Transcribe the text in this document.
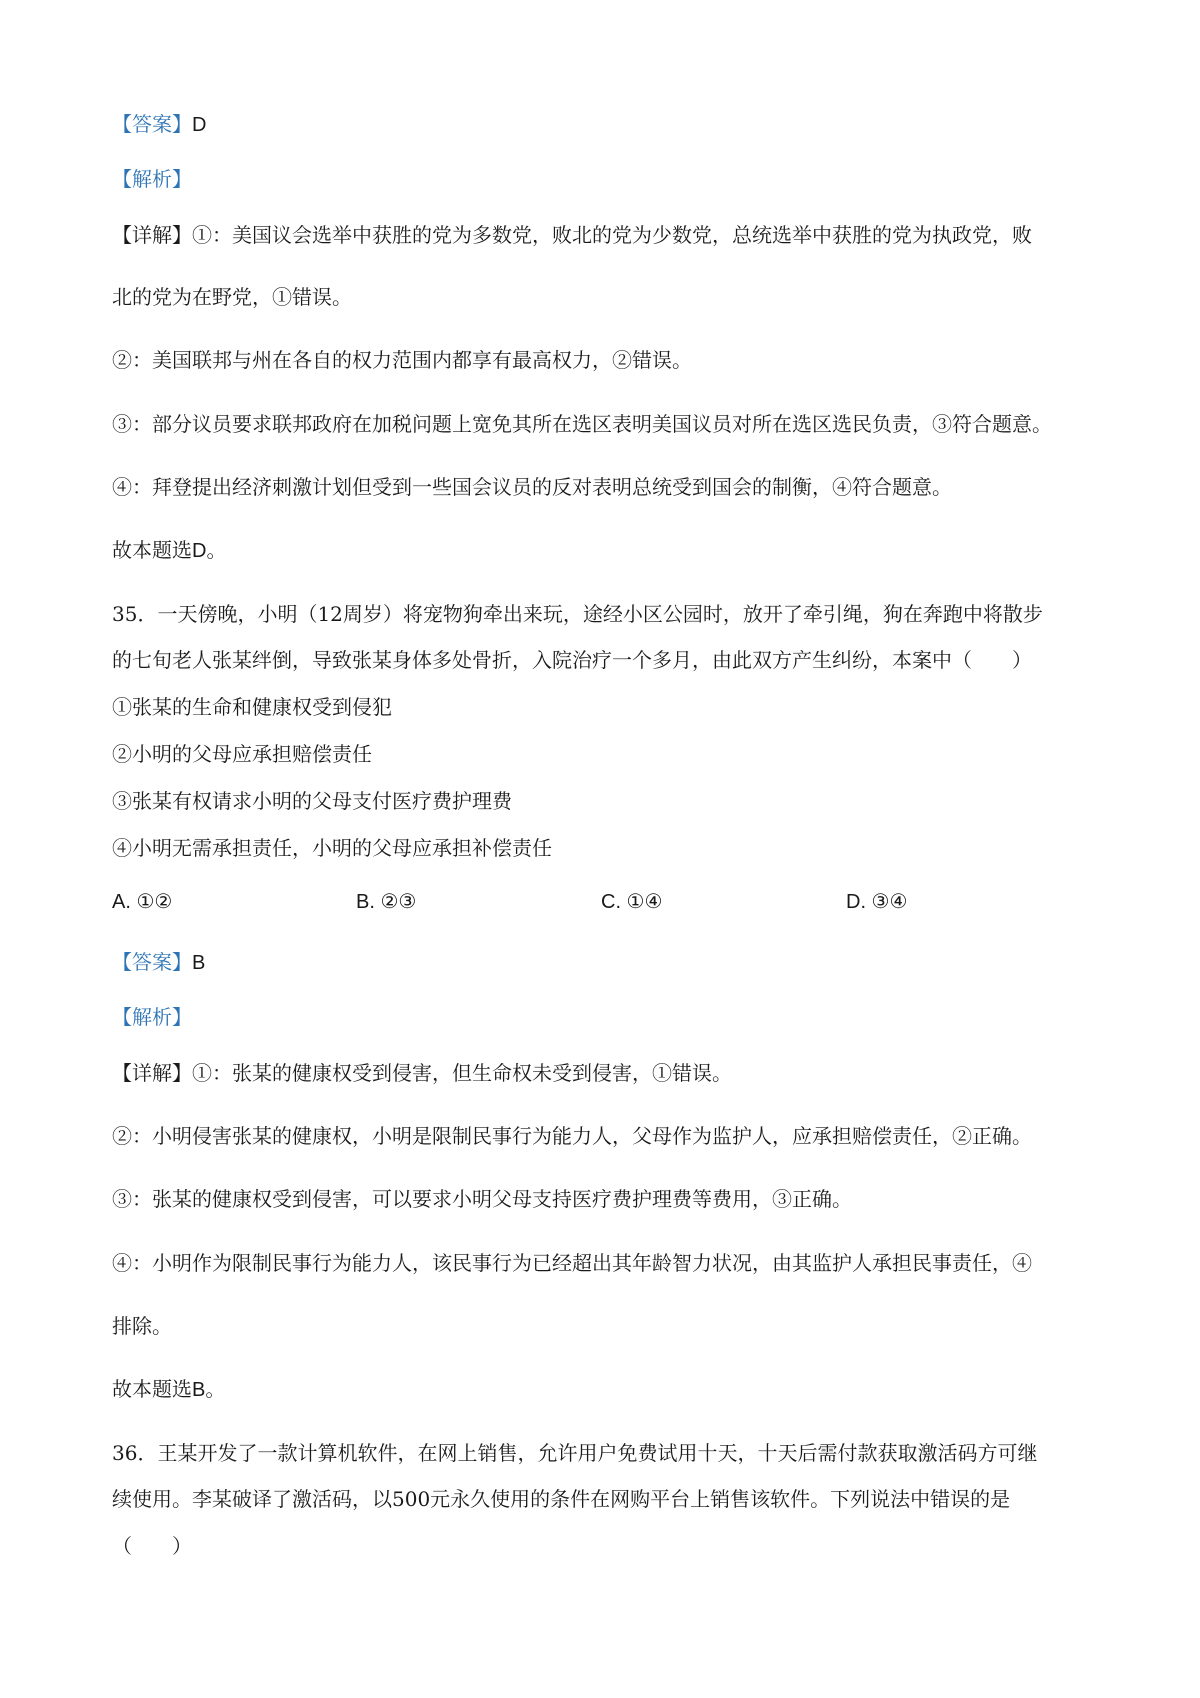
【答案】D
【解析】
【详解】①：美国议会选举中获胜的党为多数党，败北的党为少数党，总统选举中获胜的党为执政党，败
北的党为在野党，①错误。
②：美国联邦与州在各自的权力范围内都享有最高权力，②错误。
③：部分议员要求联邦政府在加税问题上宽免其所在选区表明美国议员对所在选区选民负责，③符合题意。
④：拜登提出经济刺激计划但受到一些国会议员的反对表明总统受到国会的制衡，④符合题意。
故本题选D。
35．一天傍晚，小明（12周岁）将宠物狗牵出来玩，途经小区公园时，放开了牵引绳，狗在奔跑中将散步
的七旬老人张某绊倒，导致张某身体多处骨折，入院治疗一个多月，由此双方产生纠纷，本案中（　　）
①张某的生命和健康权受到侵犯
②小明的父母应承担赔偿责任
③张某有权请求小明的父母支付医疗费护理费
④小明无需承担责任，小明的父母应承担补偿责任
A. ①②	B. ②③	C. ①④	D. ③④
【答案】B
【解析】
【详解】①：张某的健康权受到侵害，但生命权未受到侵害，①错误。
②：小明侵害张某的健康权，小明是限制民事行为能力人，父母作为监护人，应承担赔偿责任，②正确。
③：张某的健康权受到侵害，可以要求小明父母支持医疗费护理费等费用，③正确。
④：小明作为限制民事行为能力人，该民事行为已经超出其年龄智力状况，由其监护人承担民事责任，④
排除。
故本题选B。
36．王某开发了一款计算机软件，在网上销售，允许用户免费试用十天，十天后需付款获取激活码方可继
续使用。李某破译了激活码，以500元永久使用的条件在网购平台上销售该软件。下列说法中错误的是
（　　）
